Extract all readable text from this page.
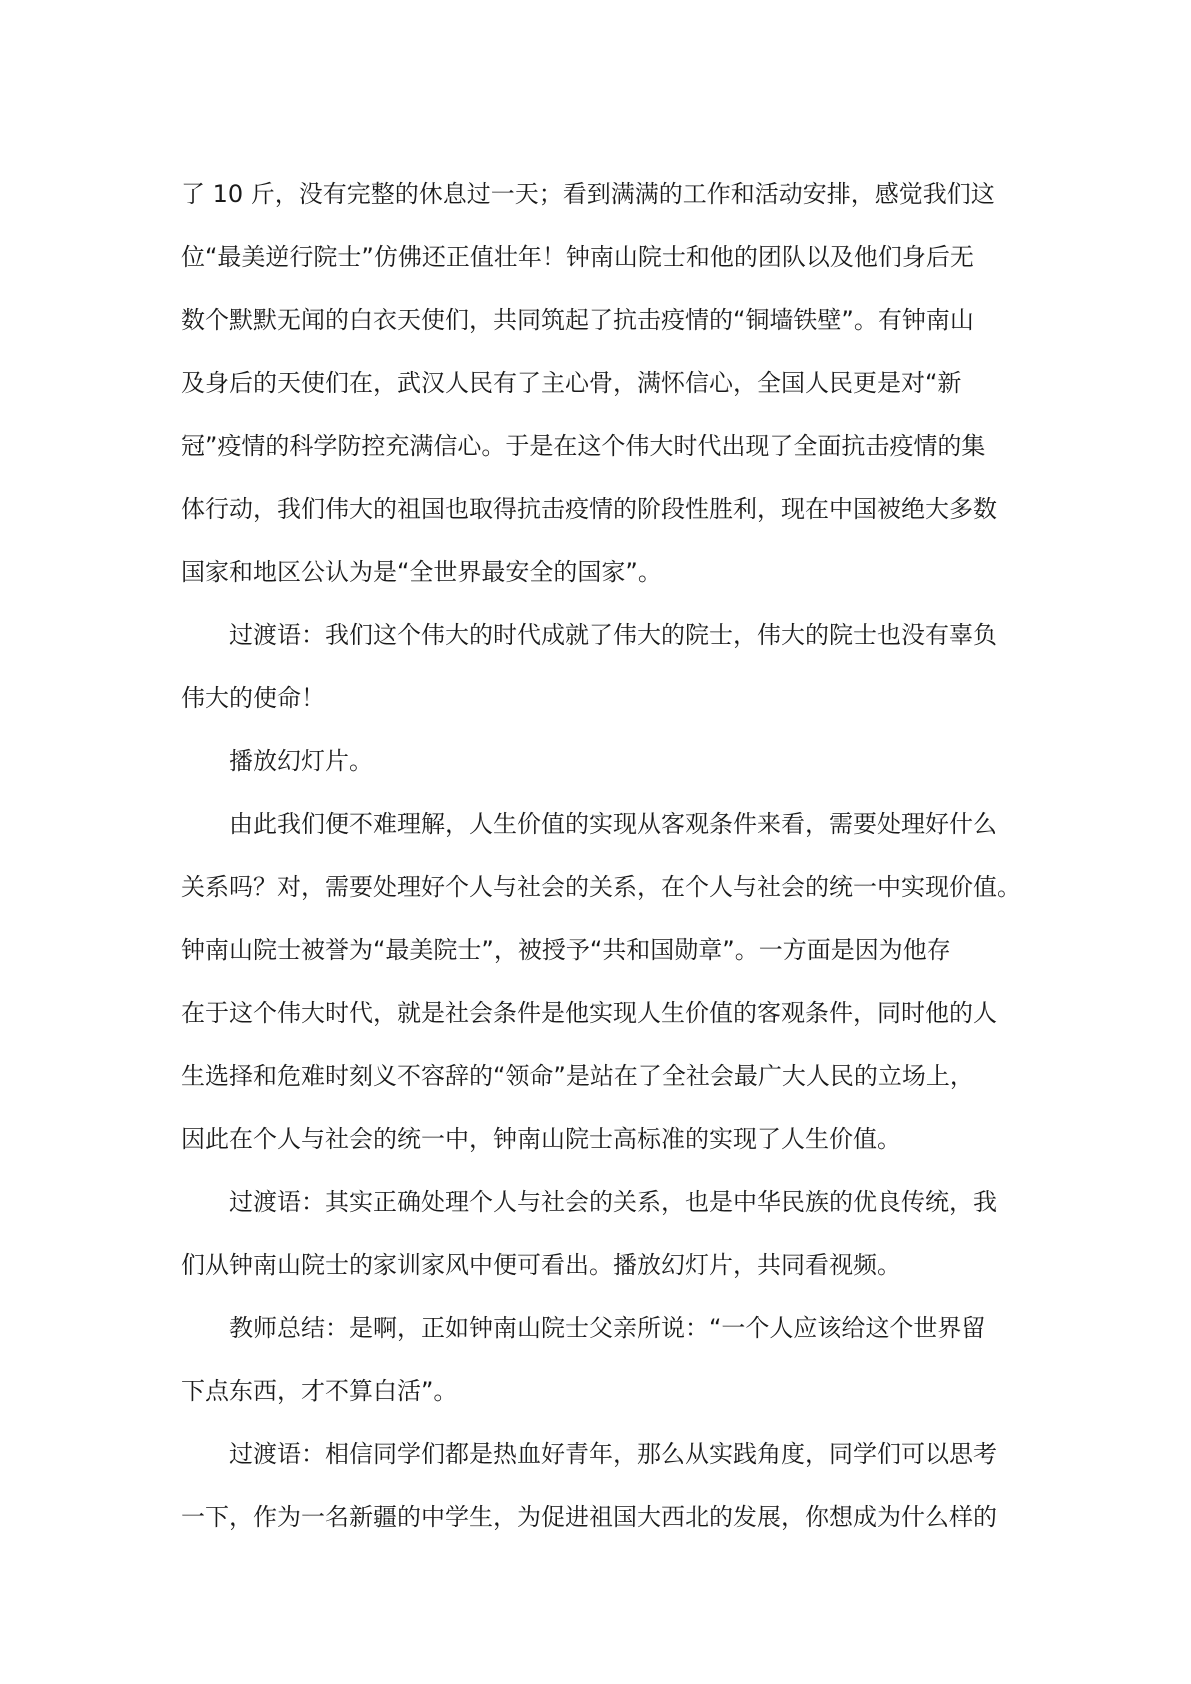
了 10 斤，没有完整的休息过一天；看到满满的工作和活动安排，感觉我们这
位“最美逆行院士”仿佛还正值壮年！钟南山院士和他的团队以及他们身后无
数个默默无闻的白衣天使们，共同筑起了抗击疫情的“铜墙铁壁”。有钟南山
及身后的天使们在，武汉人民有了主心骨，满怀信心，全国人民更是对“新
冠”疫情的科学防控充满信心。于是在这个伟大时代出现了全面抗击疫情的集
体行动，我们伟大的祖国也取得抗击疫情的阶段性胜利，现在中国被绝大多数
国家和地区公认为是“全世界最安全的国家”。
过渡语：我们这个伟大的时代成就了伟大的院士，伟大的院士也没有辜负
伟大的使命！
播放幻灯片。
由此我们便不难理解，人生价值的实现从客观条件来看，需要处理好什么
关系吗？对，需要处理好个人与社会的关系，在个人与社会的统一中实现价值。
钟南山院士被誉为“最美院士”，被授予“共和国勋章”。一方面是因为他存
在于这个伟大时代，就是社会条件是他实现人生价值的客观条件，同时他的人
生选择和危难时刻义不容辞的“领命”是站在了全社会最广大人民的立场上，
因此在个人与社会的统一中，钟南山院士高标准的实现了人生价值。
过渡语：其实正确处理个人与社会的关系，也是中华民族的优良传统，我
们从钟南山院士的家训家风中便可看出。播放幻灯片，共同看视频。
教师总结：是啊，正如钟南山院士父亲所说：“一个人应该给这个世界留
下点东西，才不算白活”。
过渡语：相信同学们都是热血好青年，那么从实践角度，同学们可以思考
一下，作为一名新疆的中学生，为促进祖国大西北的发展，你想成为什么样的
